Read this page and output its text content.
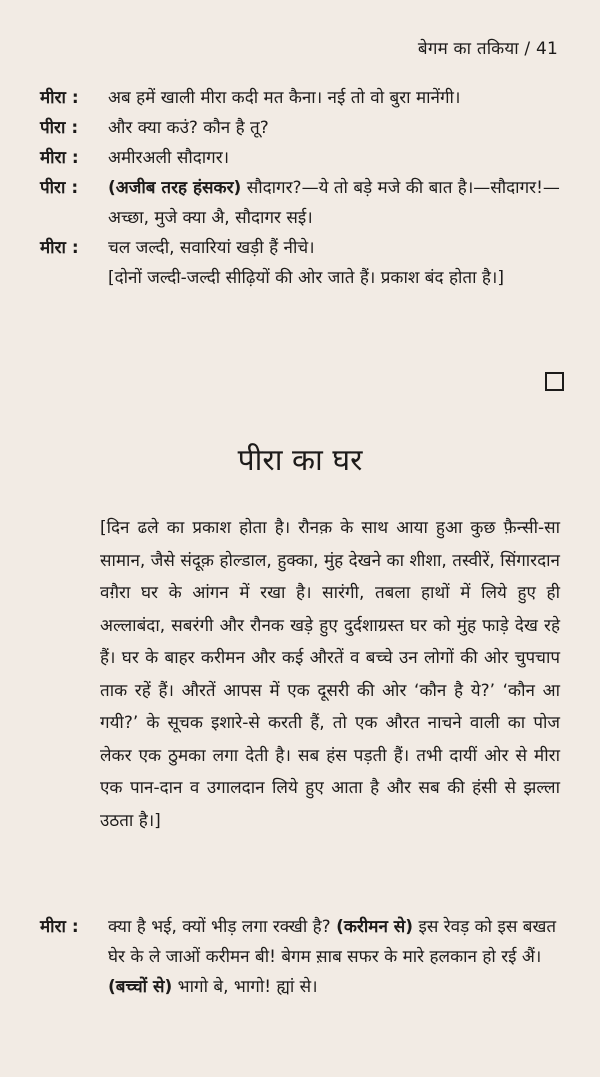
बेगम का तकिया / 41
मीरा :	अब हमें खाली मीरा कदी मत कैना। नई तो वो बुरा मानेंगी।
पीरा :	और क्या कउं? कौन है तू?
मीरा :	अमीरअली सौदागर।
पीरा :	(अजीब तरह हंसकर) सौदागर?—ये तो बड़े मजे की बात है।—सौदागर!—अच्छा, मुजे क्या अै, सौदागर सई।
मीरा :	चल जल्दी, सवारियां खड़ी हैं नीचे।
[दोनों जल्दी-जल्दी सीढ़ियों की ओर जाते हैं। प्रकाश बंद होता है।]
पीरा का घर
[दिन ढले का प्रकाश होता है। रौनक़ के साथ आया हुआ कुछ फ़ैन्सी-सा सामान, जैसे संदूक़ होल्डाल, हुक्का, मुंह देखने का शीशा, तस्वीरें, सिंगारदान वग़ैरा घर के आंगन में रखा है। सारंगी, तबला हाथों में लिये हुए ही अल्लाबंदा, सबरंगी और रौनक खड़े हुए दुर्दशाग्रस्त घर को मुंह फाड़े देख रहे हैं। घर के बाहर करीमन और कई औरतें व बच्चे उन लोगों की ओर चुपचाप ताक रहें हैं। औरतें आपस में एक दूसरी की ओर ‘कौन है ये?’ ‘कौन आ गयी?’ के सूचक इशारे-से करती हैं, तो एक औरत नाचने वाली का पोज लेकर एक ठुमका लगा देती है। सब हंस पड़ती हैं। तभी दायीं ओर से मीरा एक पान-दान व उगालदान लिये हुए आता है और सब की हंसी से झल्ला उठता है।]
मीरा :	क्या है भई, क्यों भीड़ लगा रक्खी है? (करीमन से) इस रेवड़ को इस बखत घेर के ले जाओं करीमन बी! बेगम स़ाब सफर के मारे हलकान हो रई अैं। (बच्चों से) भागो बे, भागो! ह्यां से।
